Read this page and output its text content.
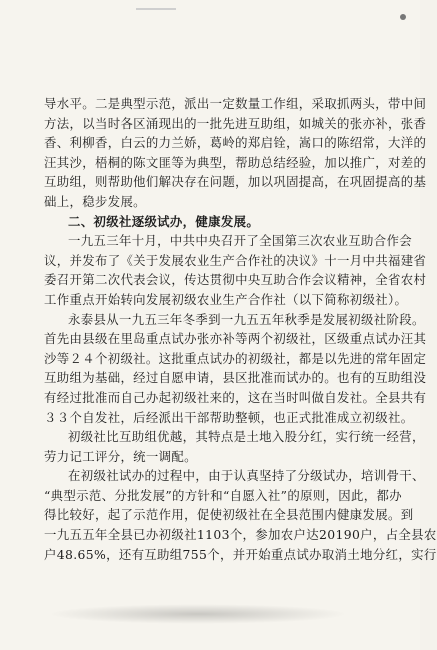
导水平。二是典型示范，派出一定数量工作组，采取抓两头，带中间
方法，以当时各区涌现出的一批先进互助组，如城关的张亦补，张香
香、利柳香，白云的力兰娇，葛岭的郑启铨，嵩口的陈绍常，大洋的
汪其沙，梧桐的陈文匪等为典型，帮助总结经验，加以推广，对差的
互助组，则帮助他们解决存在问题，加以巩固提高，在巩固提高的基
础上，稳步发展。
二、初级社逐级试办，健康发展。
一九五三年十月，中共中央召开了全国第三次农业互助合作会
议，并发布了《关于发展农业生产合作社的决议》十一月中共福建省
委召开第二次代表会议，传达贯彻中央互助合作会议精神，全省农村
工作重点开始转向发展初级农业生产合作社（以下简称初级社）。
永泰县从一九五三年冬季到一九五五年秋季是发展初级社阶段。
首先由县级在里岛重点试办张亦补等两个初级社，区级重点试办汪其
沙等２４个初级社。这批重点试办的初级社，都是以先进的常年固定
互助组为基础，经过自愿申请，县区批准而试办的。也有的互助组没
有经过批准而自己办起初级社来的，这在当时叫做自发社。全县共有
３３个自发社，后经派出干部帮助整顿，也正式批准成立初级社。
初级社比互助组优越，其特点是土地入股分红，实行统一经营，
劳力记工评分，统一调配。
在初级社试办的过程中，由于认真坚持了分级试办，培训骨干、
“典型示范、分批发展”的方针和“自愿入社”的原则，因此，都办
得比较好，起了示范作用，促使初级社在全县范围内健康发展。到
一九五五年全县已办初级社1103个，参加农户达20190户，占全县农
户48.65%，还有互助组755个，并开始重点试办取消土地分红，实行
